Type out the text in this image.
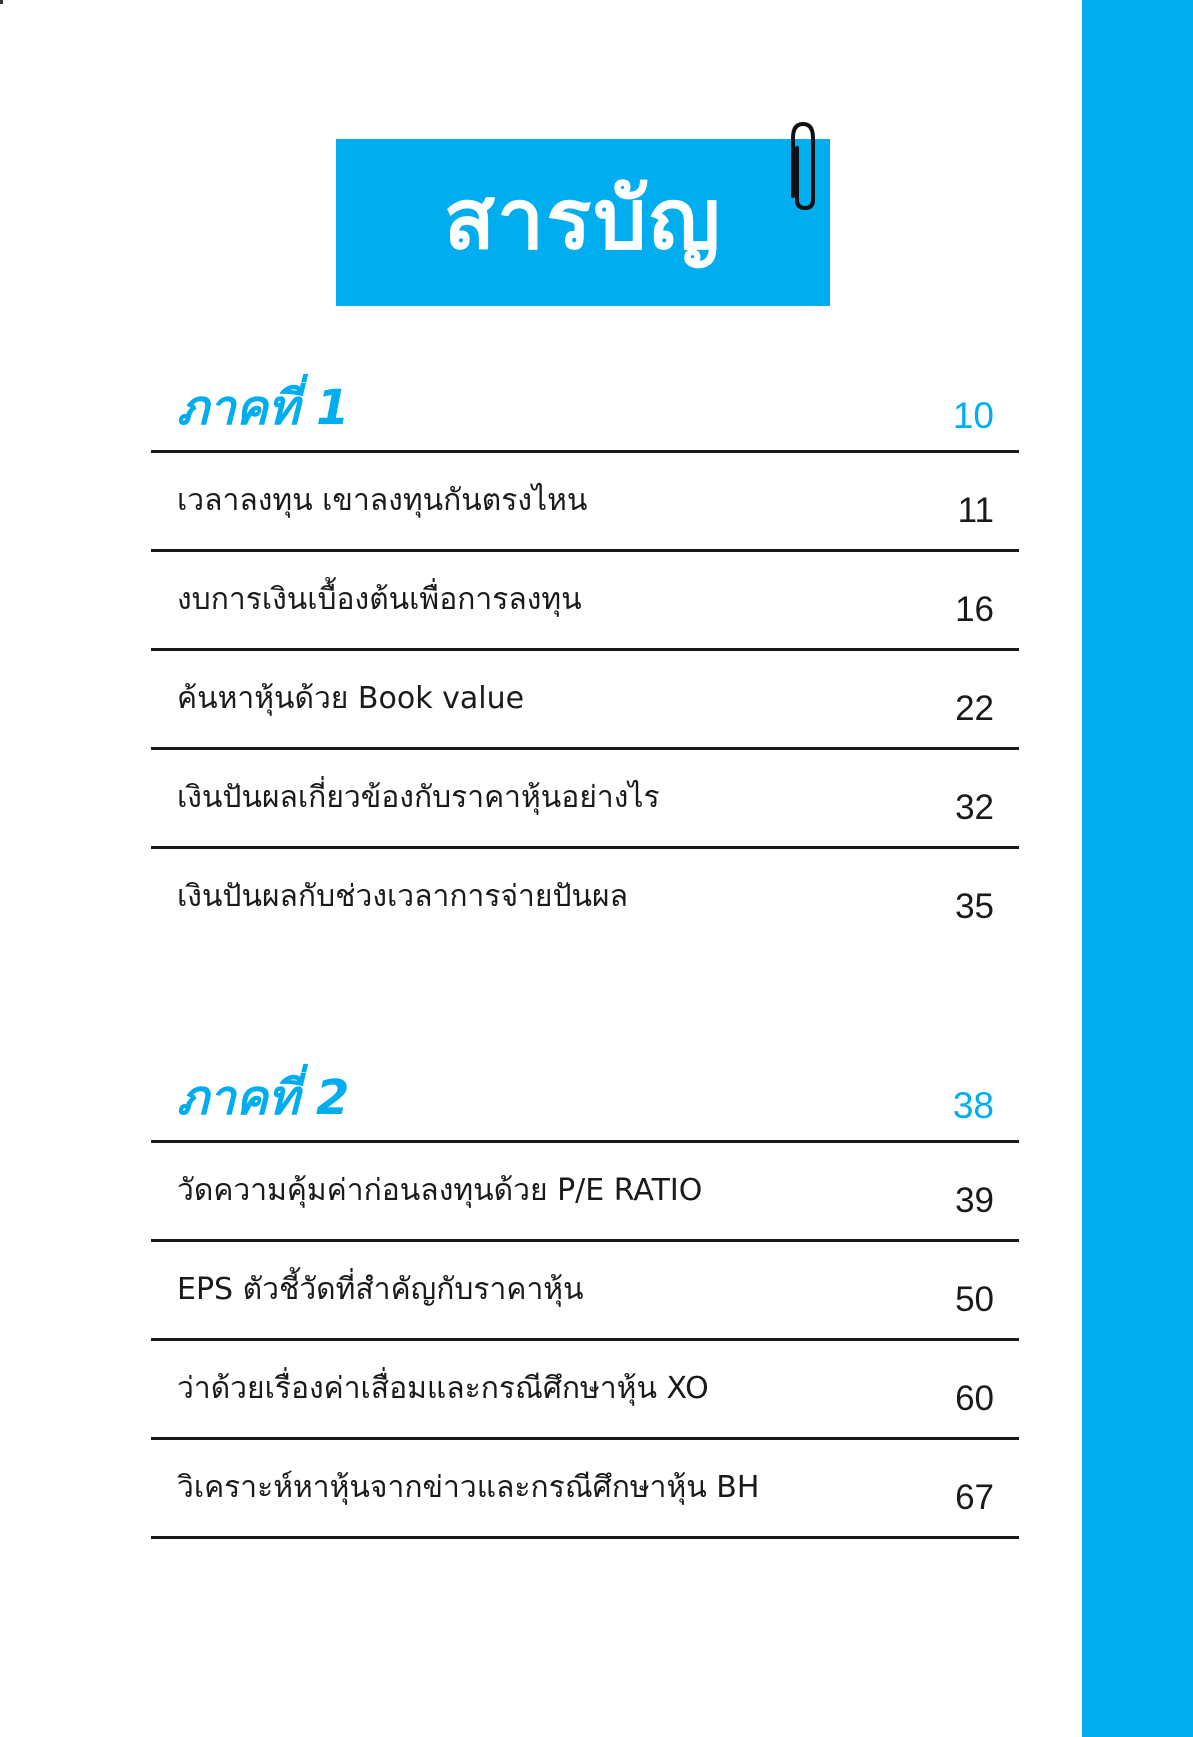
สารบัญ
ภาคที่ 1	10
เวลาลงทุน เขาลงทุนกันตรงไหน	11
งบการเงินเบื้องต้นเพื่อการลงทุน	16
ค้นหาหุ้นด้วย Book value	22
เงินปันผลเกี่ยวข้องกับราคาหุ้นอย่างไร	32
เงินปันผลกับช่วงเวลาการจ่ายปันผล	35
ภาคที่ 2	38
วัดความคุ้มค่าก่อนลงทุนด้วย P/E RATIO	39
EPS ตัวชี้วัดที่สำคัญกับราคาหุ้น	50
ว่าด้วยเรื่องค่าเสื่อมและกรณีศึกษาหุ้น XO	60
วิเคราะห์หาหุ้นจากข่าวและกรณีศึกษาหุ้น BH	67
